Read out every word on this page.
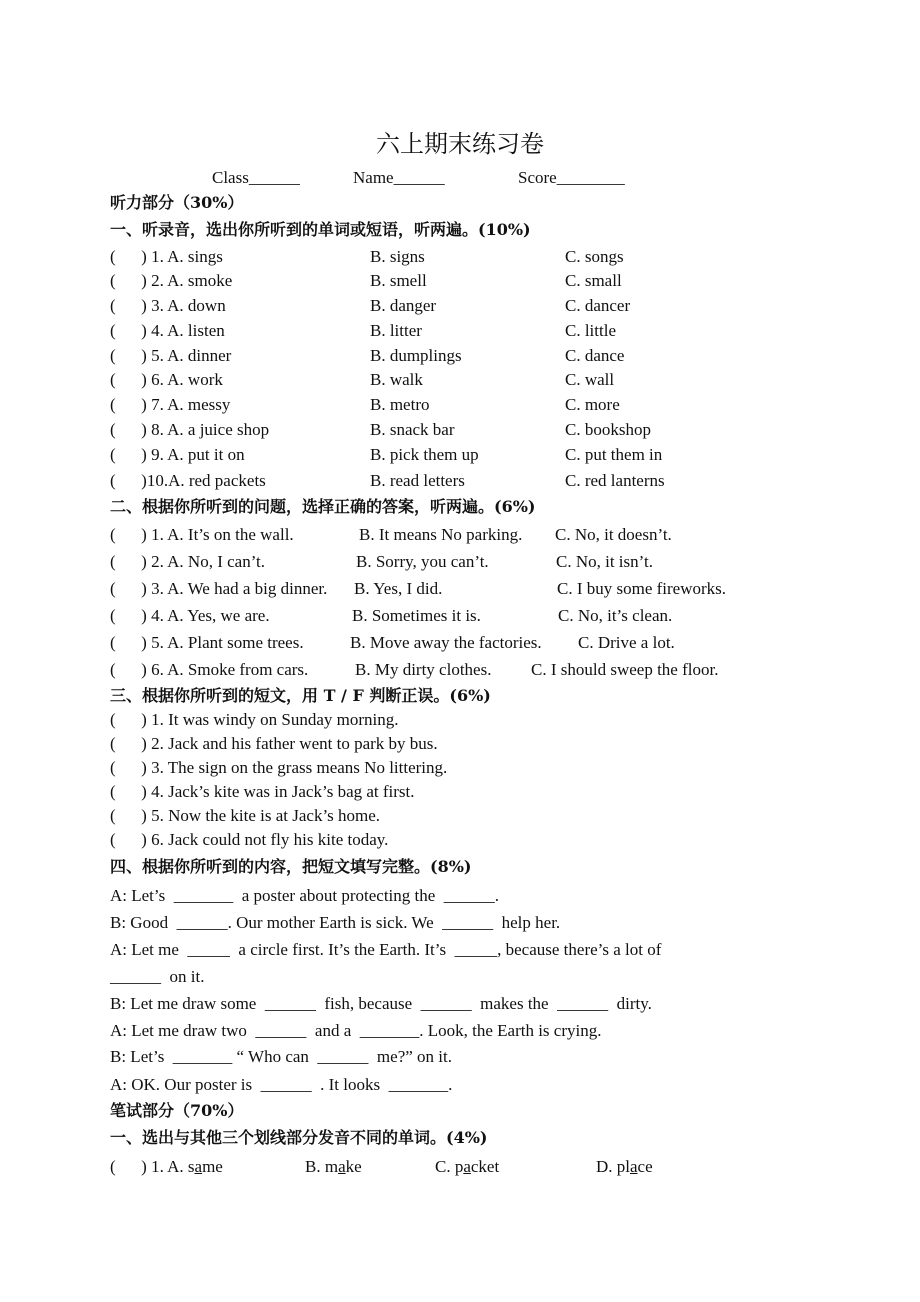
六上期末练习卷
Class______	Name______	Score________
听力部分（30%）
一、听录音，选出你所听到的单词或短语，听两遍。(10%)
(      ) 1. A. sings	B. signs	C. songs
(      ) 2. A. smoke	B. smell	C. small
(      ) 3. A. down	B. danger	C. dancer
(      ) 4. A. listen	B. litter	C. little
(      ) 5. A. dinner	B. dumplings	C. dance
(      ) 6. A. work	B. walk	C. wall
(      ) 7. A. messy	B. metro	C. more
(      ) 8. A. a juice shop	B. snack bar	C. bookshop
(      ) 9. A. put it on	B. pick them up	C. put them in
(      )10.A. red packets	B. read letters	C. red lanterns
二、根据你所听到的问题，选择正确的答案，听两遍。(6%)
(      ) 1. A. It’s on the wall.	B. It means No parking. C. No, it doesn’t.
(      ) 2. A. No, I can’t.	B. Sorry, you can’t.	C. No, it isn’t.
(      ) 3. A. We had a big dinner. B. Yes, I did.	C. I buy some fireworks.
(      ) 4. A. Yes, we are.	B. Sometimes it is.	C. No, it’s clean.
(      ) 5. A. Plant some trees.	B. Move away the factories. C. Drive a lot.
(      ) 6. A. Smoke from cars.	B. My dirty clothes. C. I should sweep the floor.
三、根据你所听到的短文，用 T / F 判断正误。(6%)
(      ) 1. It was windy on Sunday morning.
(      ) 2. Jack and his father went to park by bus.
(      ) 3. The sign on the grass means No littering.
(      ) 4. Jack’s kite was in Jack’s bag at first.
(      ) 5. Now the kite is at Jack’s home.
(      ) 6. Jack could not fly his kite today.
四、根据你所听到的内容，把短文填写完整。(8%)
A: Let’s  _______  a poster about protecting the  ______.
B: Good  ______. Our mother Earth is sick. We  ______  help her.
A: Let me  _____  a circle first. It’s the Earth. It’s  _____, because there’s a lot of
______  on it.
B: Let me draw some  ______  fish, because  ______  makes the  ______  dirty.
A: Let me draw two  ______  and a  _______. Look, the Earth is crying.
B: Let’s  _______ “ Who can  ______  me?” on it.
A: OK. Our poster is  ______  . It looks  _______.
笔试部分（70%）
一、选出与其他三个划线部分发音不同的单词。(4%)
(      ) 1. A. same	B. make	C. packet	D. place
